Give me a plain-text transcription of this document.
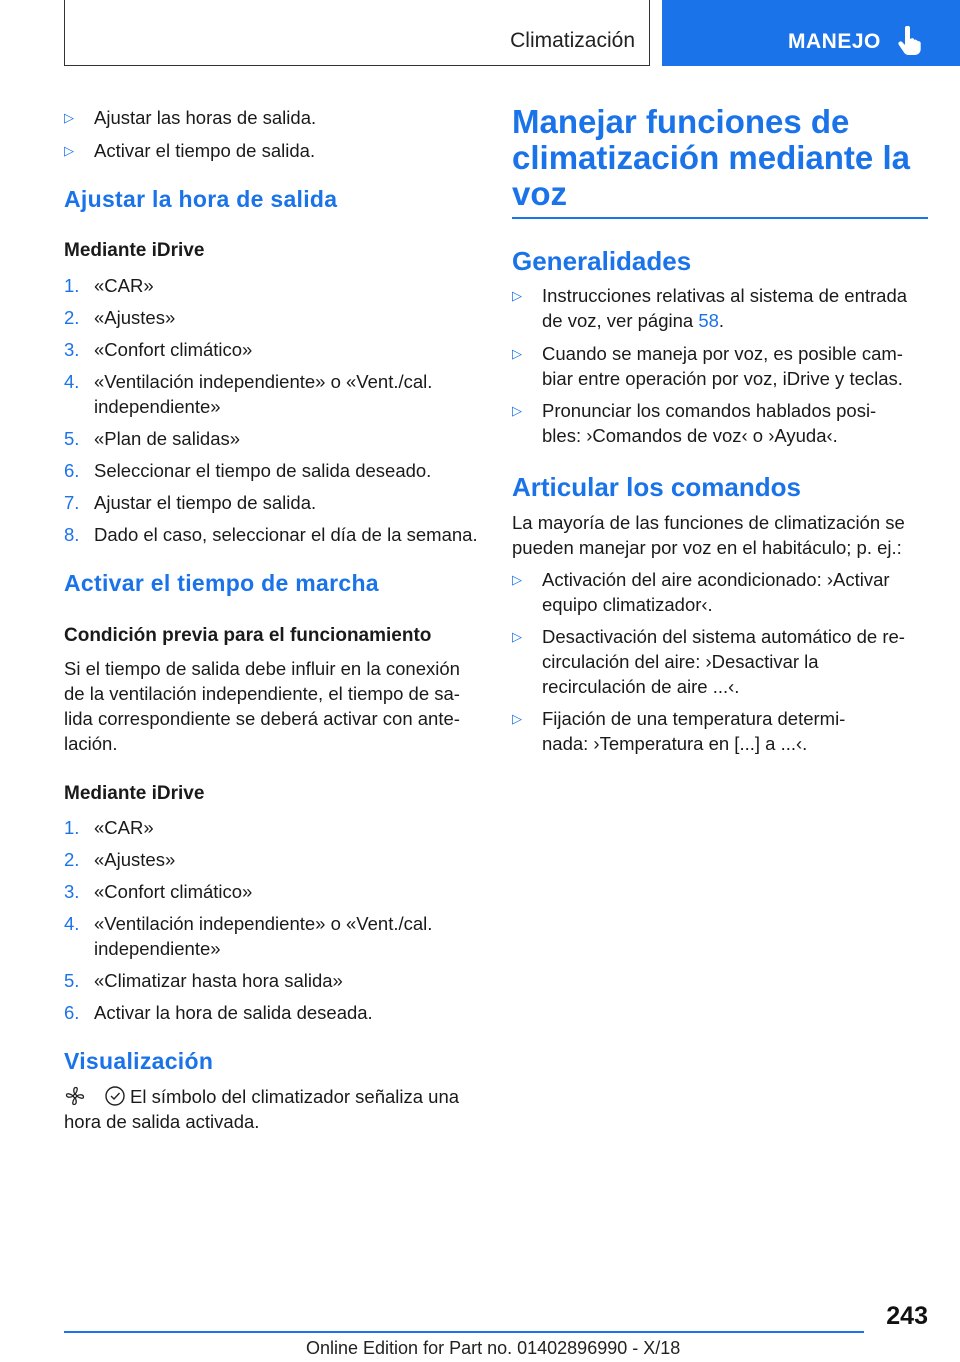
Climatización	MANEJO
▷ Ajustar las horas de salida.
▷ Activar el tiempo de salida.
Ajustar la hora de salida
Mediante iDrive
1. «CAR»
2. «Ajustes»
3. «Confort climático»
4. «Ventilación independiente» o «Vent./cal.
independiente»
5. «Plan de salidas»
6. Seleccionar el tiempo de salida deseado.
7. Ajustar el tiempo de salida.
8. Dado el caso, seleccionar el día de la semana.
Activar el tiempo de marcha
Condición previa para el funcionamiento
Si el tiempo de salida debe influir en la conexión
de la ventilación independiente, el tiempo de sa‐
lida correspondiente se deberá activar con ante‐
lación.
Mediante iDrive
1. «CAR»
2. «Ajustes»
3. «Confort climático»
4. «Ventilación independiente» o «Vent./cal.
independiente»
5. «Climatizar hasta hora salida»
6. Activar la hora de salida deseada.
Visualización
El símbolo del climatizador señaliza una
hora de salida activada.
Manejar funciones de
climatización mediante la
voz
Generalidades
▷ Instrucciones relativas al sistema de entrada
de voz, ver página 58.
▷ Cuando se maneja por voz, es posible cam‐
biar entre operación por voz, iDrive y teclas.
▷ Pronunciar los comandos hablados posi‐
bles: ›Comandos de voz‹ o ›Ayuda‹.
Articular los comandos
La mayoría de las funciones de climatización se
pueden manejar por voz en el habitáculo; p. ej.:
▷ Activación del aire acondicionado: ›Activar
equipo climatizador‹.
▷ Desactivación del sistema automático de re‐
circulación del aire: ›Desactivar la
recirculación de aire ...‹.
▷ Fijación de una temperatura determi‐
nada: ›Temperatura en [...] a ...‹.
243
Online Edition for Part no. 01402896990 - X/18
